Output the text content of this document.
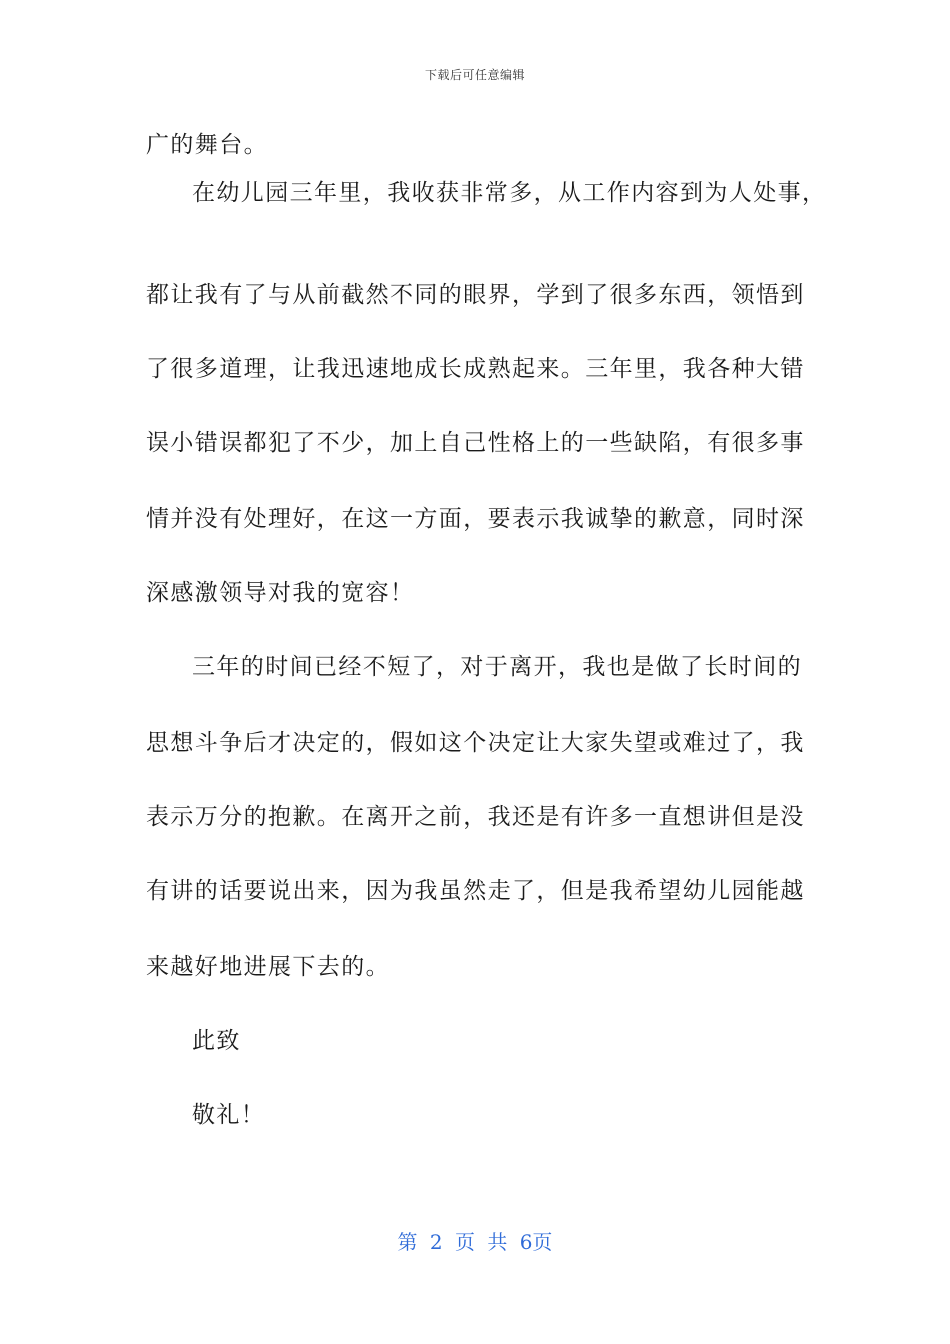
下载后可任意编辑
广的舞台。
在幼儿园三年里，我收获非常多，从工作内容到为人处事，
都让我有了与从前截然不同的眼界，学到了很多东西，领悟到
了很多道理，让我迅速地成长成熟起来。三年里，我各种大错
误小错误都犯了不少，加上自己性格上的一些缺陷，有很多事
情并没有处理好，在这一方面，要表示我诚挚的歉意，同时深
深感激领导对我的宽容！
三年的时间已经不短了，对于离开，我也是做了长时间的
思想斗争后才决定的，假如这个决定让大家失望或难过了，我
表示万分的抱歉。在离开之前，我还是有许多一直想讲但是没
有讲的话要说出来，因为我虽然走了，但是我希望幼儿园能越
来越好地进展下去的。
此致
敬礼！
第 2 页 共 6页
